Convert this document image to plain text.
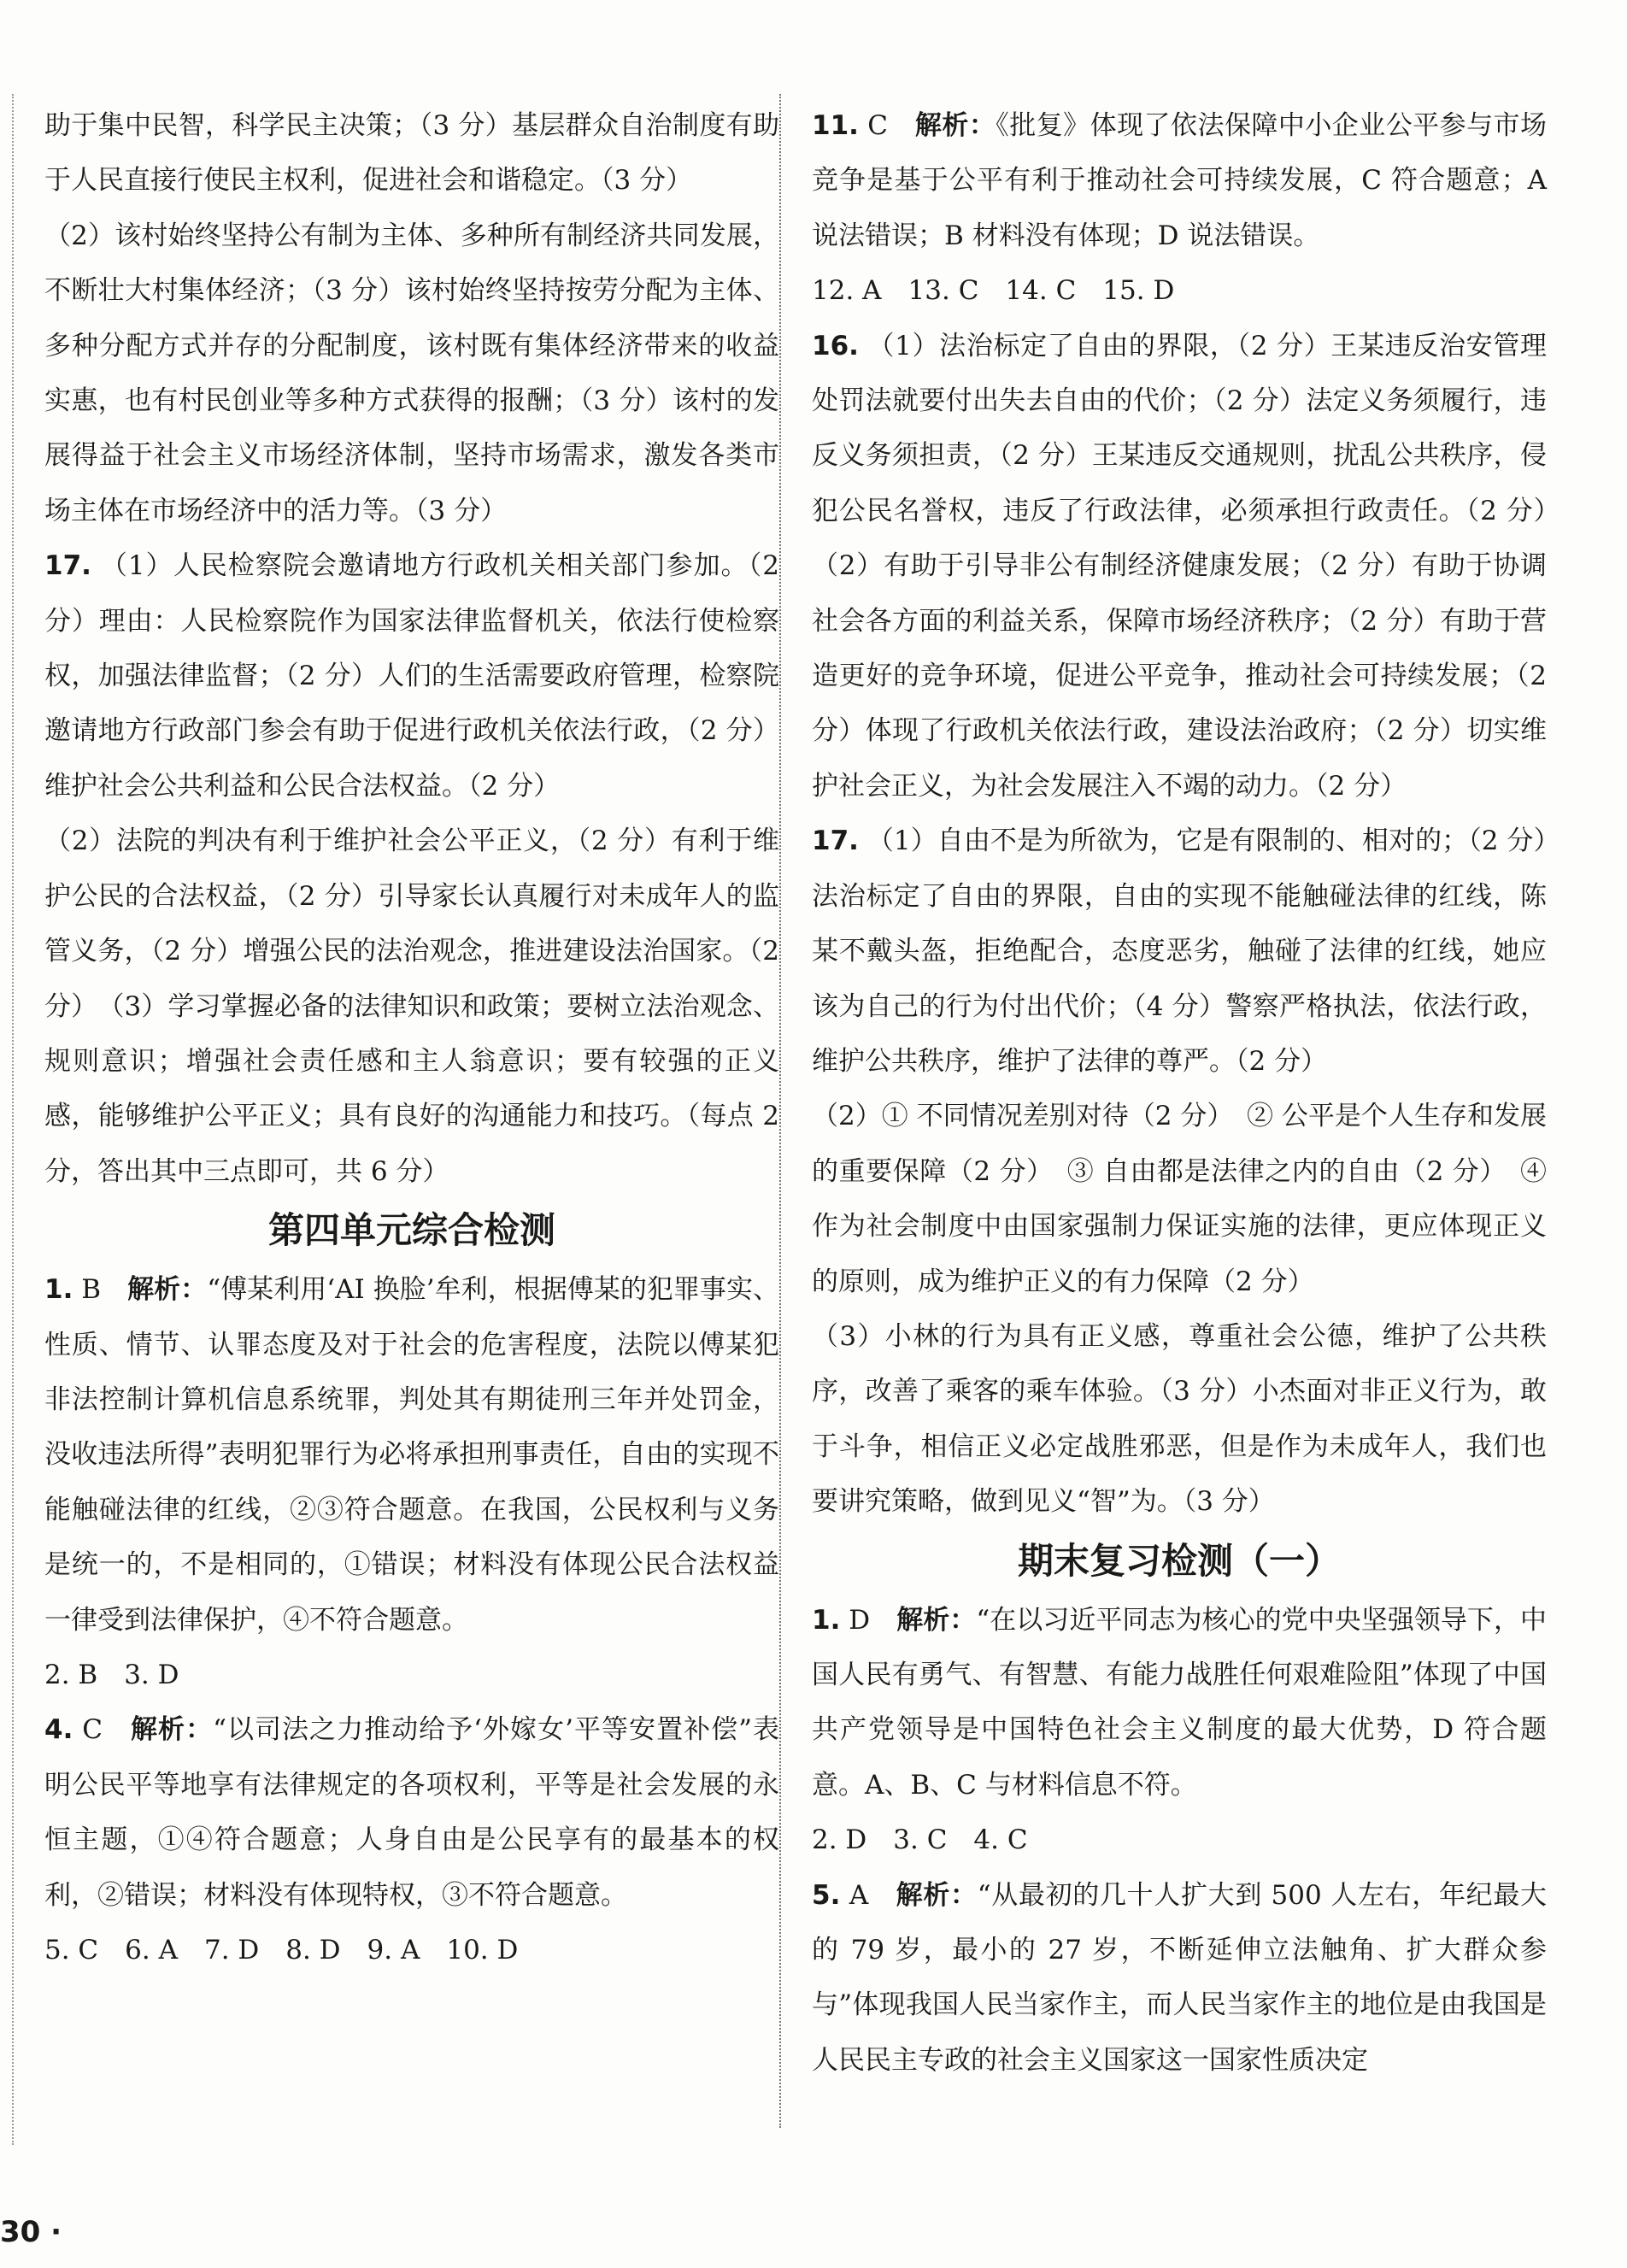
助于集中民智，科学民主决策；（3 分）基层群众自治制度有助于人民直接行使民主权利，促进社会和谐稳定。（3 分）

（2）该村始终坚持公有制为主体、多种所有制经济共同发展，不断壮大村集体经济；（3 分）该村始终坚持按劳分配为主体、多种分配方式并存的分配制度，该村既有集体经济带来的收益实惠，也有村民创业等多种方式获得的报酬；（3 分）该村的发展得益于社会主义市场经济体制，坚持市场需求，激发各类市场主体在市场经济中的活力等。（3 分）

17. （1）人民检察院会邀请地方行政机关相关部门参加。（2 分）理由：人民检察院作为国家法律监督机关，依法行使检察权，加强法律监督；（2 分）人们的生活需要政府管理，检察院邀请地方行政部门参会有助于促进行政机关依法行政，（2 分）维护社会公共利益和公民合法权益。（2 分）

（2）法院的判决有利于维护社会公平正义，（2 分）有利于维护公民的合法权益，（2 分）引导家长认真履行对未成年人的监管义务，（2 分）增强公民的法治观念，推进建设法治国家。（2 分）　（3）学习掌握必备的法律知识和政策；要树立法治观念、规则意识；增强社会责任感和主人翁意识；要有较强的正义感，能够维护公平正义；具有良好的沟通能力和技巧。（每点 2 分，答出其中三点即可，共 6 分）

第四单元综合检测

1. B　 解析：“傅某利用‘AI 换脸’牟利，根据傅某的犯罪事实、性质、情节、认罪态度及对于社会的危害程度，法院以傅某犯非法控制计算机信息系统罪，判处其有期徒刑三年并处罚金，没收违法所得”表明犯罪行为必将承担刑事责任，自由的实现不能触碰法律的红线，②③符合题意。在我国，公民权利与义务是统一的，不是相同的，①错误；材料没有体现公民合法权益一律受到法律保护，④不符合题意。

2. B　3. D

4. C　 解析：“以司法之力推动给予‘外嫁女’平等安置补偿”表明公民平等地享有法律规定的各项权利，平等是社会发展的永恒主题，①④符合题意；人身自由是公民享有的最基本的权利，②错误；材料没有体现特权，③不符合题意。

5. C　6. A　7. D　8. D　9. A　10. D

11. C　 解析：《批复》体现了依法保障中小企业公平参与市场竞争是基于公平有利于推动社会可持续发展，C 符合题意；A 说法错误；B 材料没有体现；D 说法错误。

12. A　13. C　14. C　15. D

16. （1）法治标定了自由的界限，（2 分）王某违反治安管理处罚法就要付出失去自由的代价；（2 分）法定义务须履行，违反义务须担责，（2 分）王某违反交通规则，扰乱公共秩序，侵犯公民名誉权，违反了行政法律，必须承担行政责任。（2 分）　（2）有助于引导非公有制经济健康发展；（2 分）有助于协调社会各方面的利益关系，保障市场经济秩序；（2 分）有助于营造更好的竞争环境，促进公平竞争，推动社会可持续发展；（2 分）体现了行政机关依法行政，建设法治政府；（2 分）切实维护社会正义，为社会发展注入不竭的动力。（2 分）

17. （1）自由不是为所欲为，它是有限制的、相对的；（2 分）法治标定了自由的界限，自由的实现不能触碰法律的红线，陈某不戴头盔，拒绝配合，态度恶劣，触碰了法律的红线，她应该为自己的行为付出代价；（4 分）警察严格执法，依法行政，维护公共秩序，维护了法律的尊严。（2 分）

（2）① 不同情况差别对待（2 分）　② 公平是个人生存和发展的重要保障（2 分）　③ 自由都是法律之内的自由（2 分）　④ 作为社会制度中由国家强制力保证实施的法律，更应体现正义的原则，成为维护正义的有力保障（2 分）

（3）小林的行为具有正义感，尊重社会公德，维护了公共秩序，改善了乘客的乘车体验。（3 分）小杰面对非正义行为，敢于斗争，相信正义必定战胜邪恶，但是作为未成年人，我们也要讲究策略，做到见义“智”为。（3 分）

期末复习检测（一）

1. D　 解析：“在以习近平同志为核心的党中央坚强领导下，中国人民有勇气、有智慧、有能力战胜任何艰难险阻”体现了中国共产党领导是中国特色社会主义制度的最大优势，D 符合题意。A、B、C 与材料信息不符。

2. D　3. C　4. C

5. A　 解析：“从最初的几十人扩大到 500 人左右，年纪最大的 79 岁，最小的 27 岁，不断延伸立法触角、扩大群众参与”体现我国人民当家作主，而人民当家作主的地位是由我国是人民民主专政的社会主义国家这一国家性质决定

30 ·
